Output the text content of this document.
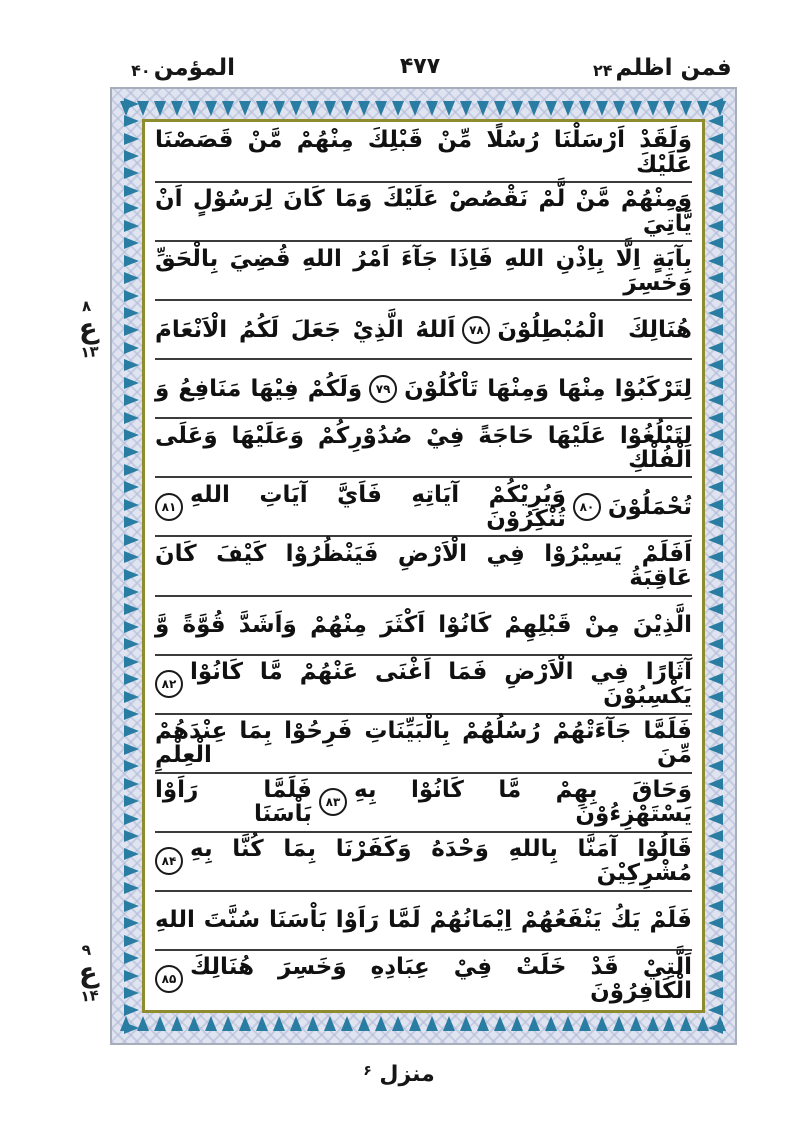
المؤمن
۴۰	۴۷۷	فمن اظلم
۲۴
وَلَقَدْ اَرْسَلْنَا رُسُلًا مِّنْ قَبْلِكَ مِنْهُمْ مَّنْ قَصَصْنَا عَلَيْكَ
وَمِنْهُمْ مَّنْ لَّمْ نَقْصُصْ عَلَيْكَ وَمَا كَانَ لِرَسُوْلٍ اَنْ يَّاْتِيَ
بِآيَةٍ اِلَّا بِاِذْنِ اللهِ فَاِذَا جَآءَ اَمْرُ اللهِ قُضِيَ بِالْحَقِّ وَخَسِرَ
هُنَالِكَ الْمُبْطِلُوْنَ
۷۸
اَللهُ الَّذِيْ جَعَلَ لَكُمُ الْاَنْعَامَ
لِتَرْكَبُوْا مِنْهَا وَمِنْهَا تَاْكُلُوْنَ
۷۹
وَلَكُمْ فِيْهَا مَنَافِعُ وَ
لِتَبْلُغُوْا عَلَيْهَا حَاجَةً فِيْ صُدُوْرِكُمْ وَعَلَيْهَا وَعَلَى الْفُلْكِ
تُحْمَلُوْنَ
۸۰
وَيُرِيْكُمْ آيَاتِهِ فَاَيَّ آيَاتِ اللهِ تُنْكِرُوْنَ
۸۱
اَفَلَمْ يَسِيْرُوْا فِي الْاَرْضِ فَيَنْظُرُوْا كَيْفَ كَانَ عَاقِبَةُ
الَّذِيْنَ مِنْ قَبْلِهِمْ كَانُوْا اَكْثَرَ مِنْهُمْ وَاَشَدَّ قُوَّةً وَّ
آثَارًا فِي الْاَرْضِ فَمَا اَغْنَى عَنْهُمْ مَّا كَانُوْا يَكْسِبُوْنَ
۸۲
فَلَمَّا جَآءَتْهُمْ رُسُلُهُمْ بِالْبَيِّنَاتِ فَرِحُوْا بِمَا عِنْدَهُمْ مِّنَ الْعِلْمِ
وَحَاقَ بِهِمْ مَّا كَانُوْا بِهِ يَسْتَهْزِءُوْنَ
۸۳
فَلَمَّا رَاَوْا بَاْسَنَا
قَالُوْا آمَنَّا بِاللهِ وَحْدَهُ وَكَفَرْنَا بِمَا كُنَّا بِهِ مُشْرِكِيْنَ
۸۴
فَلَمْ يَكُ يَنْفَعُهُمْ اِيْمَانُهُمْ لَمَّا رَاَوْا بَاْسَنَا سُنَّتَ اللهِ
اَلَّتِيْ قَدْ خَلَتْ فِيْ عِبَادِهِ وَخَسِرَ هُنَالِكَ الْكَافِرُوْنَ
۸۵
۸
ع
۱۳
۹
ع
۱۴
منزل ۶
